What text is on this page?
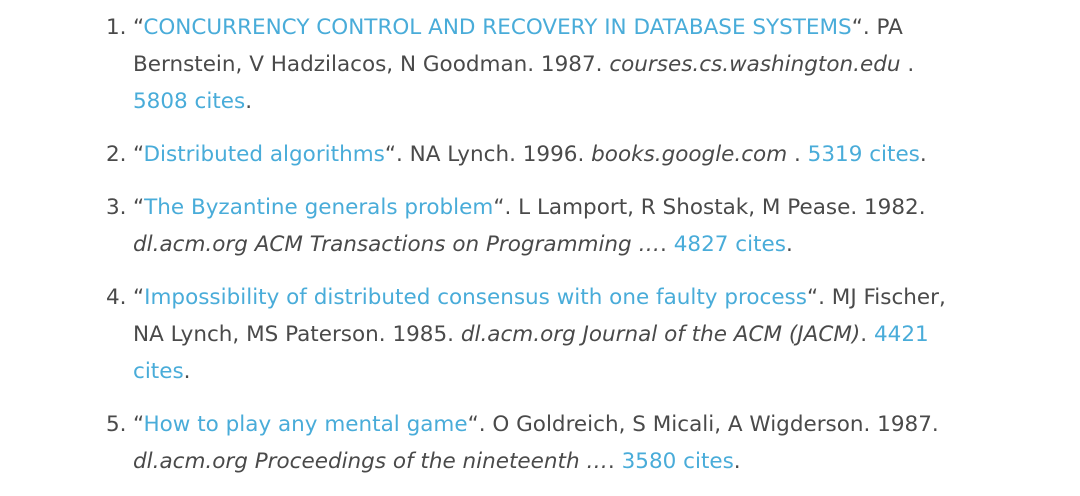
1. “CONCURRENCY CONTROL AND RECOVERY IN DATABASE SYSTEMS“. PA Bernstein, V Hadzilacos, N Goodman. 1987. courses.cs.washington.edu . 5808 cites.
2. “Distributed algorithms“. NA Lynch. 1996. books.google.com . 5319 cites.
3. “The Byzantine generals problem“. L Lamport, R Shostak, M Pease. 1982.
dl.acm.org ACM Transactions on Programming …. 4827 cites.
4. “Impossibility of distributed consensus with one faulty process“. MJ Fischer, NA Lynch, MS Paterson. 1985. dl.acm.org Journal of the ACM (JACM). 4421 cites.
5. “How to play any mental game“. O Goldreich, S Micali, A Wigderson. 1987.
dl.acm.org Proceedings of the nineteenth …. 3580 cites.
